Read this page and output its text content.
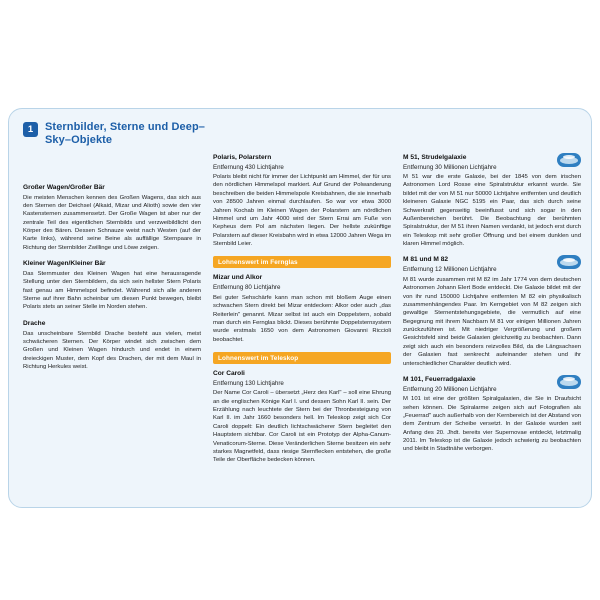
1	Sternbilder, Sterne und Deep–Sky–Objekte
Großer Wagen/Großer Bär

Die meisten Menschen kennen des Großen Wagens, das sich aus den Sternen der Deichsel (Alkaid, Mizar und Alioth) sowie den vier Kastensternen zusammensetzt. Der Große Wagen ist aber nur der zentrale Teil des eigentlichen Sternbilds und verzweibildlicht den Körper des Bären. Dessen Schnauze weist nach Westen (auf der Karte links), während seine Beine als auffällige Sternpaare in Richtung der Sternbilder Zwillinge und Löwe zeigen.

Kleiner Wagen/Kleiner Bär

Das Sternmuster des Kleinen Wagen hat eine herausragende Stellung unter den Sternbildern, da sich sein hellster Stern Polaris fast genau am Himmelspol befindet. Während sich alle anderen Sterne auf ihrer Bahn scheinbar um diesen Punkt bewegen, bleibt Polaris stets an seiner Stelle im Norden stehen.

Drache

Das unscheinbare Sternbild Drache besteht aus vielen, meist schwächeren Sternen. Der Körper windet sich zwischen dem Großen und Kleinen Wagen hindurch und endet in einem dreieckigen Muster, dem Kopf des Drachen, der mit dem Maul in Richtung Herkules weist.

Polaris, Polarstern
Entfernung 430 Lichtjahre

Polaris bleibt nicht für immer der Lichtpunkt am Himmel, der für uns den nördlichen Himmelspol markiert. Auf Grund der Polwanderung beschreiben die beiden Himmelspole Kreisbahnen, die sie innerhalb von 28500 Jahren einmal durchlaufen. So war vor etwa 3000 Jahren Kochab im Kleinen Wagen der Polarstern am nördlichen Himmel und um Jahr 4000 wird der Stern Errai am Fuße von Kepheus dem Pol am nächsten liegen. Der hellste zukünftige Polarstern auf dieser Kreisbahn wird in etwa 12000 Jahren Wega im Sternbild Leier.

Lohnenswert im Fernglas
Mizar und Alkor
Entfernung 80 Lichtjahre

Bei guter Sehschärfe kann man schon mit bloßem Auge einen schwachen Stern direkt bei Mizar entdecken: Alkor oder auch „das Reiterlein" genannt. Mizar selbst ist auch ein Doppelstern, sobald man durch ein Fernglas blickt. Dieses berühmte Doppelsternsystem wurde erstmals 1650 von dem Astronomen Giovanni Riccioli beobachtet.

Lohnenswert im Teleskop
Cor Caroli
Entfernung 130 Lichtjahre

Der Name Cor Caroli – übersetzt „Herz des Karl" – soll eine Ehrung an die englischen Könige Karl I. und dessen Sohn Karl II. sein. Der Erzählung nach leuchtete der Stern bei der Thronbesteigung von Karl II. im Jahr 1660 besonders hell. Im Teleskop zeigt sich Cor Caroli doppelt: Ein deutlich lichtschwächerer Stern begleitet den Hauptstern sichtbar. Cor Caroli ist ein Prototyp der Alpha-Canum-Venaticorum-Sterne. Diese Veränderlichen Sterne besitzen ein sehr starkes Magnetfeld, dass riesige Sternflecken entstehen, die große Teile der Oberfläche bedecken können.

M 51, Strudelgalaxie
Entfernung 30 Millionen Lichtjahre

M 51 war die erste Galaxie, bei der 1845 von dem irischen Astronomen Lord Rosse eine Spiralstruktur erkannt wurde. Sie bildet mit der von M 51 nur 50000 Lichtjahre entfernten und deutlich kleineren Galaxie NGC 5195 ein Paar, das sich durch seine Schwerkraft gegenseitig beeinflusst und sich sogar in den Außenbereichen berührt. Die Beobachtung der berühmten Spiralstruktur, der M 51 ihren Namen verdankt, ist jedoch erst durch ein Teleskop mit sehr großer Öffnung und bei einem dunklen und klaren Himmel möglich.

M 81 und M 82
Entfernung 12 Millionen Lichtjahre

M 81 wurde zusammen mit M 82 im Jahr 1774 von dem deutschen Astronomen Johann Elert Bode entdeckt. Die Galaxie bildet mit der von ihr rund 150000 Lichtjahre entfernten M 82 ein physikalisch zusammenhängendes Paar. Im Kerngebiet von M 82 zeigen sich gewaltige Sternentstehungsgebiete, die vermutlich auf eine Begegnung mit ihrem Nachbarn M 81 vor einigen Millionen Jahren zurückzuführen ist. Mit niedriger Vergrößerung und großem Gesichtsfeld sind beide Galaxien gleichzeitig zu beobachten. Dann zeigt sich auch ein besonders reizvolles Bild, da die Längsachsen der Galaxien fast senkrecht aufeinander stehen und ihr unterschiedlicher Charakter deutlich wird.

M 101, Feuerradgalaxie
Entfernung 20 Millionen Lichtjahre

M 101 ist eine der größten Spiralgalaxien, die Sie in Draufsicht sehen können. Die Spiralarme zeigen sich auf Fotografien als „Feuerrad" auch außerhalb von der Kernbereich ist der Abstand von dem Zentrum der Scheibe versetzt. In der Galaxie wurden seit Anfang des 20. Jhdt. bereits vier Supernovae entdeckt, letztmalig 2011. Im Teleskop ist die Galaxie jedoch schwierig zu beobachten und bleibt in Stadtnähe verborgen.
